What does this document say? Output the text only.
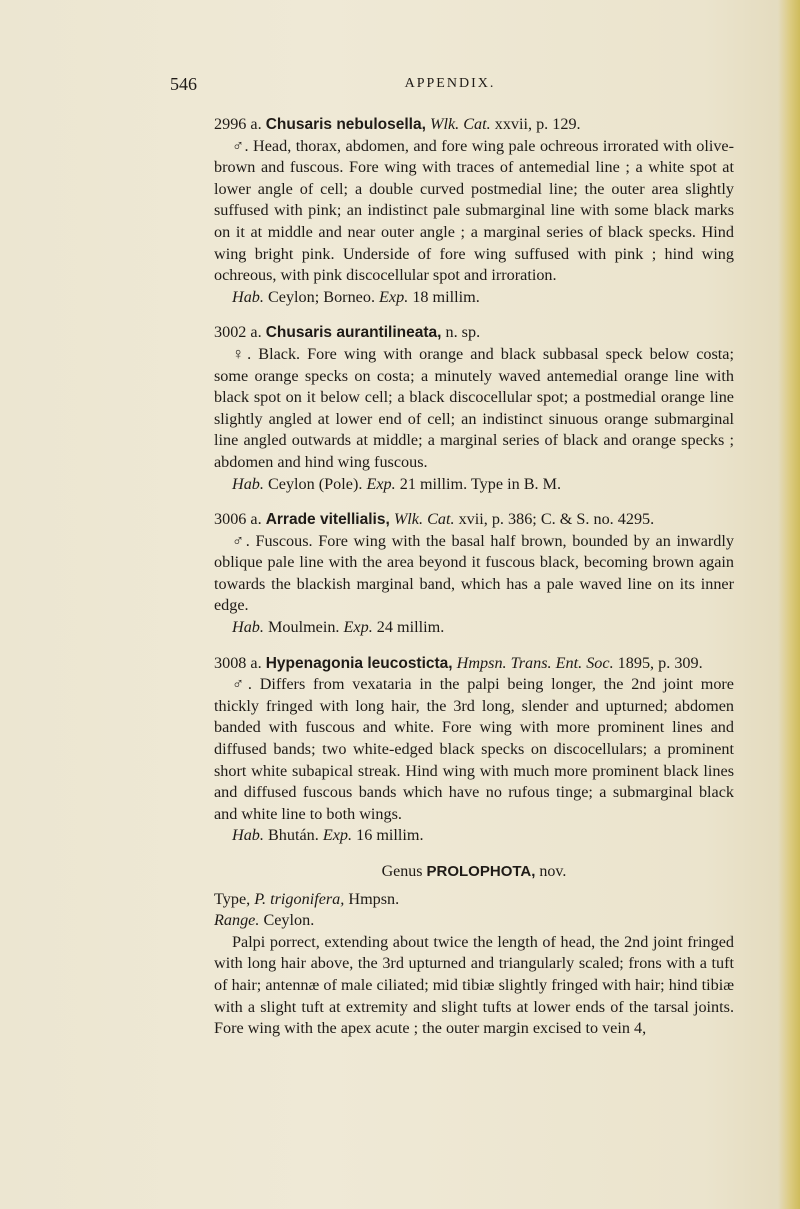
546	APPENDIX.

2996 a. Chusaris nebulosella, Wlk. Cat. xxvii, p. 129.

♂. Head, thorax, abdomen, and fore wing pale ochreous irrorated with olive-brown and fuscous. Fore wing with traces of antemedial line ; a white spot at lower angle of cell; a double curved postmedial line; the outer area slightly suffused with pink; an indistinct pale submarginal line with some black marks on it at middle and near outer angle ; a marginal series of black specks. Hind wing bright pink. Underside of fore wing suffused with pink ; hind wing ochreous, with pink discocellular spot and irroration.

Hab. Ceylon; Borneo. Exp. 18 millim.

3002 a. Chusaris aurantilineata, n. sp.

♀. Black. Fore wing with orange and black subbasal speck below costa; some orange specks on costa; a minutely waved antemedial orange line with black spot on it below cell; a black discocellular spot; a postmedial orange line slightly angled at lower end of cell; an indistinct sinuous orange submarginal line angled outwards at middle; a marginal series of black and orange specks ; abdomen and hind wing fuscous.

Hab. Ceylon (Pole). Exp. 21 millim. Type in B. M.

3006 a. Arrade vitellialis, Wlk. Cat. xvii, p. 386; C. & S. no. 4295.

♂. Fuscous. Fore wing with the basal half brown, bounded by an inwardly oblique pale line with the area beyond it fuscous black, becoming brown again towards the blackish marginal band, which has a pale waved line on its inner edge.

Hab. Moulmein. Exp. 24 millim.

3008 a. Hypenagonia leucosticta, Hmpsn. Trans. Ent. Soc. 1895, p. 309.

♂. Differs from vexataria in the palpi being longer, the 2nd joint more thickly fringed with long hair, the 3rd long, slender and upturned; abdomen banded with fuscous and white. Fore wing with more prominent lines and diffused bands; two white-edged black specks on discocellulars; a prominent short white subapical streak. Hind wing with much more prominent black lines and diffused fuscous bands which have no rufous tinge; a submarginal black and white line to both wings.

Hab. Bhután. Exp. 16 millim.

Genus PROLOPHOTA, nov.

Type, P. trigonifera, Hmpsn.

Range. Ceylon.

Palpi porrect, extending about twice the length of head, the 2nd joint fringed with long hair above, the 3rd upturned and triangularly scaled; frons with a tuft of hair; antennæ of male ciliated; mid tibiæ slightly fringed with hair; hind tibiæ with a slight tuft at extremity and slight tufts at lower ends of the tarsal joints. Fore wing with the apex acute ; the outer margin excised to vein 4,
